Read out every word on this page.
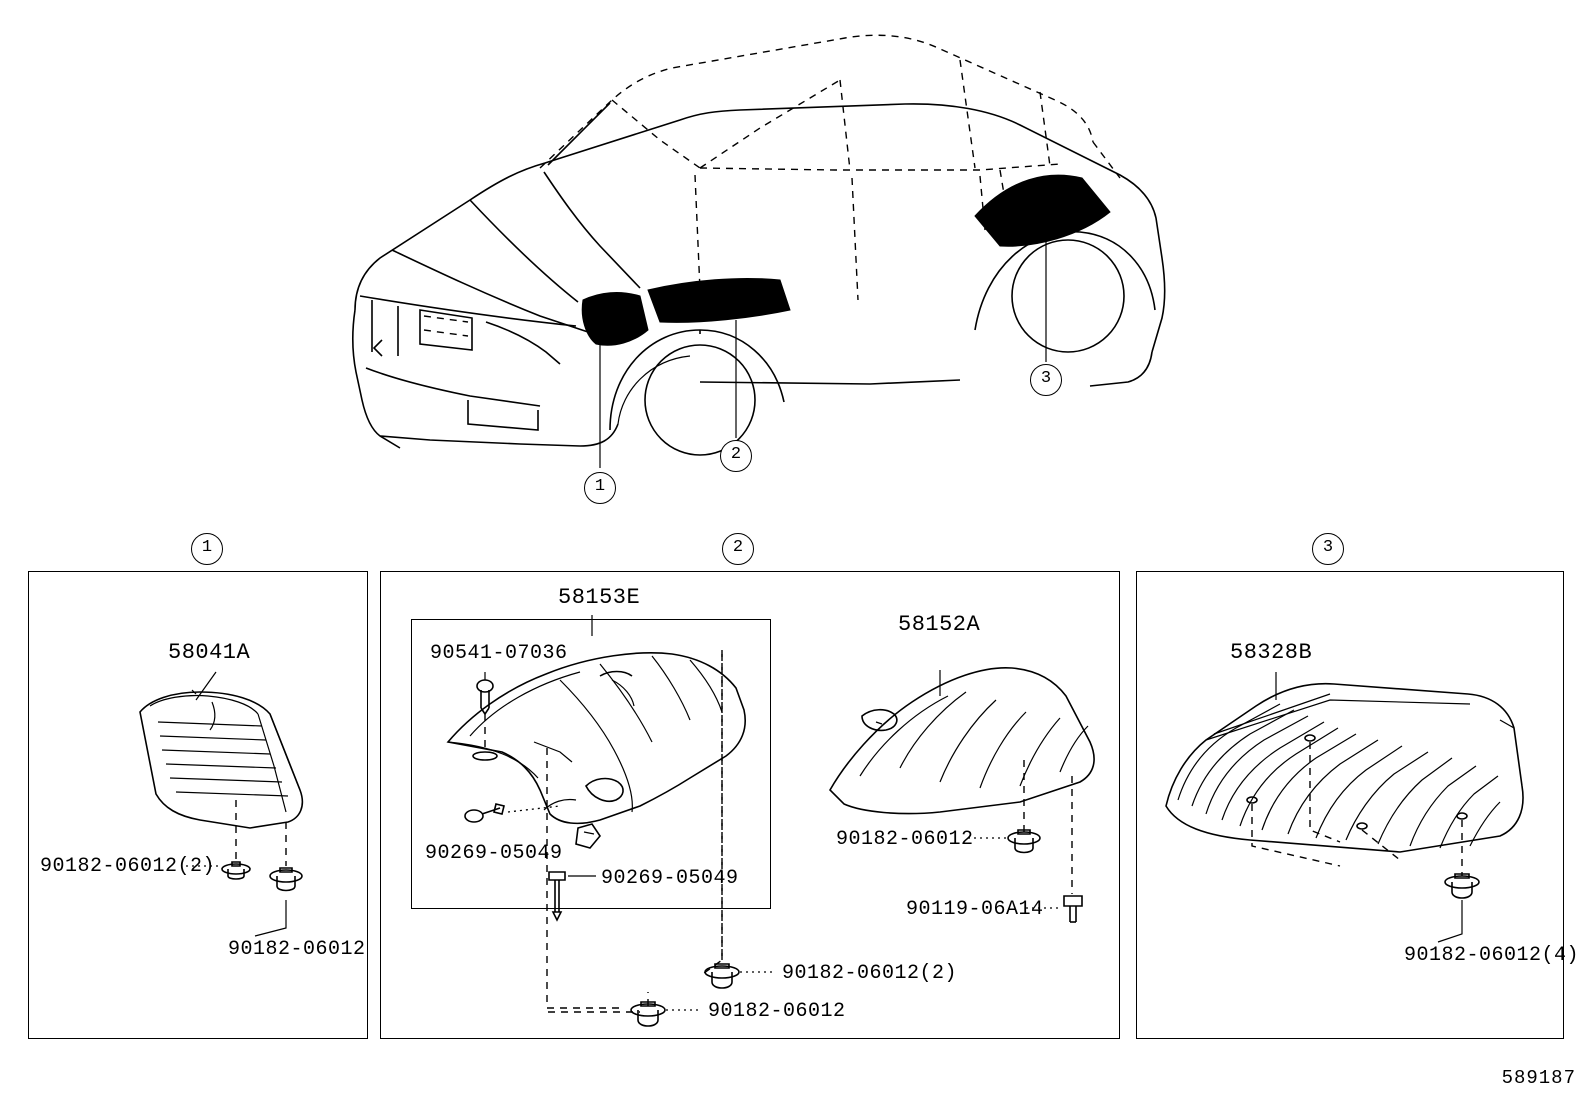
1
2
3
1	2	3
58041A
90182-06012(2)
90182-06012
58153E
90541-07036
90269-05049
90269-05049
58152A
90182-06012
90119-06A14
90182-06012(2)
90182-06012
58328B
90182-06012(4)
589187
